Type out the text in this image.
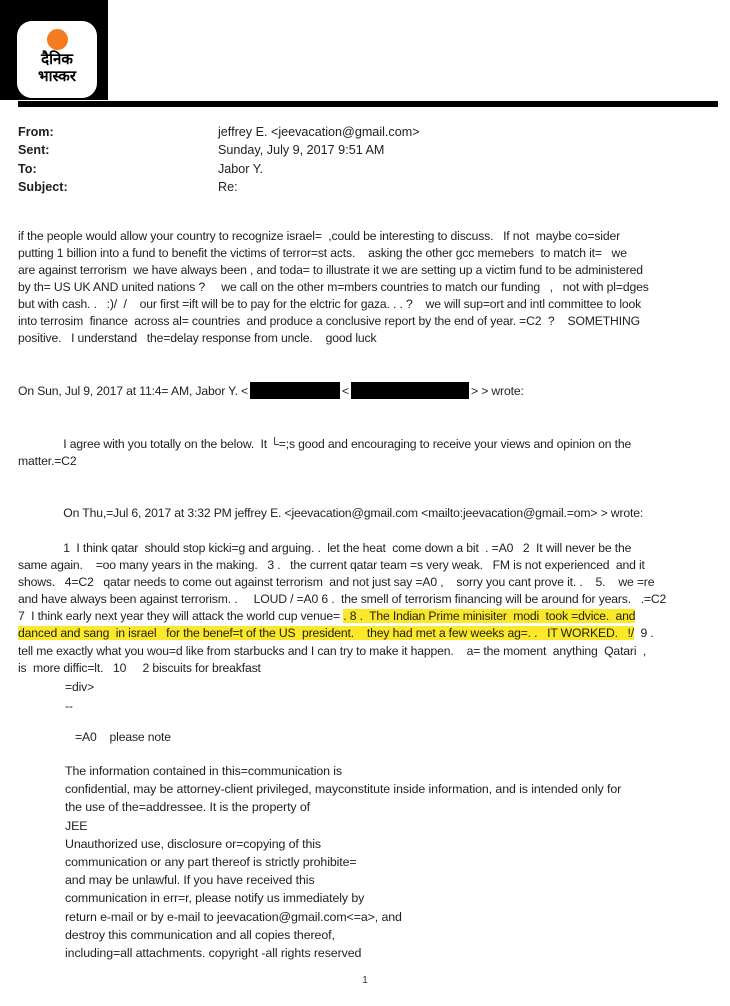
दैनिक
भास्कर
From:	jeffrey E. <jeevacation@gmail.com>
Sent:	Sunday, July 9, 2017 9:51 AM
To:	Jabor Y.
Subject:	Re:
if the people would allow your country to recognize israel=  ,could be interesting to discuss.   If not  maybe co=sider
putting 1 billion into a fund to benefit the victims of terror=st acts.    asking the other gcc memebers  to match it=   we
are against terrorism  we have always been , and toda= to illustrate it we are setting up a victim fund to be administered
by th= US UK AND united nations ?     we call on the other m=mbers countries to match our funding   ,   not with pl=dges
but with cash. .   :)/  /    our first =ift will be to pay for the elctric for gaza. . . ?    we will sup=ort and intl committee to look
into terrosim  finance  across al= countries  and produce a conclusive report by the end of year. =C2  ?    SOMETHING
positive.   I understand   the=delay response from uncle.    good luck
On Sun, Jul 9, 2017 at 11:4= AM, Jabor Y. <	<	> > wrote:
I agree with you totally on the below.  It └=;s good and encouraging to receive your views and opinion on the
matter.=C2
On Thu,=Jul 6, 2017 at 3:32 PM jeffrey E. <jeevacation@gmail.com <mailto:jeevacation@gmail.=om> > wrote:
1  I think qatar  should stop kicki=g and arguing. .  let the heat  come down a bit  . =A0   2  It will never be the
same again.    =oo many years in the making.   3 .   the current qatar team =s very weak.   FM is not experienced  and it
shows.   4=C2   qatar needs to come out against terrorism  and not just say =A0 ,    sorry you cant prove it. .    5.    we =re
and have always been against terrorism. .     LOUD / =A0 6 .  the smell of terrorism financing will be around for years.   .=C2
7  I think early next year they will attack the world cup venue= . 8 .  The Indian Prime minisiter  modi  took =dvice.  and
danced and sang  in israel   for the benef=t of the US  president.    they had met a few weeks ag=. .   IT WORKED.   !/  9 .
tell me exactly what you wou=d like from starbucks and I can try to make it happen.    a= the moment  anything  Qatari  ,
is  more diffic=lt.   10     2 biscuits for breakfast
=div>
--
=A0    please note
The information contained in this=communication is
confidential, may be attorney-client privileged, mayconstitute inside information, and is intended only for
the use of the=addressee. It is the property of
JEE
Unauthorized use, disclosure or=copying of this
communication or any part thereof is strictly prohibite=
and may be unlawful. If you have received this
communication in err=r, please notify us immediately by
return e-mail or by e-mail to jeevacation@gmail.com<=a>, and
destroy this communication and all copies thereof,
including=all attachments. copyright -all rights reserved
1
